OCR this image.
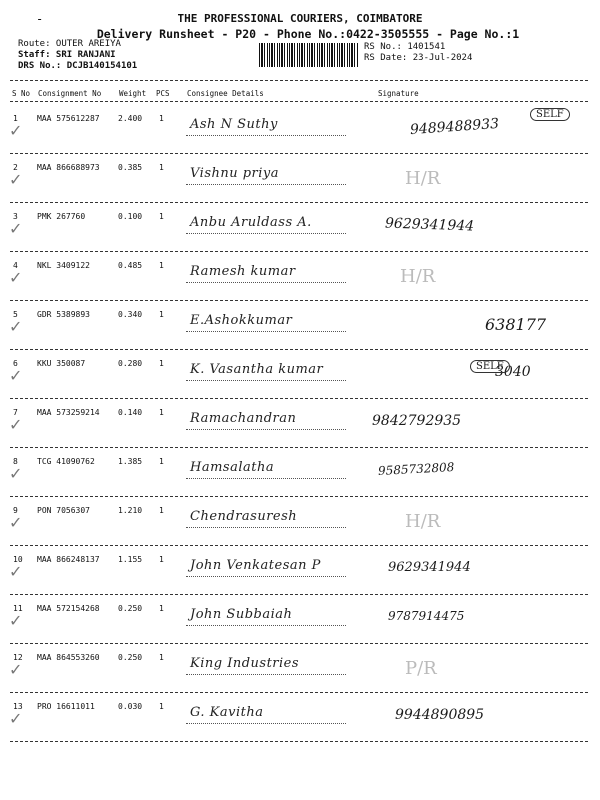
-	THE PROFESSIONAL COURIERS, COIMBATORE
Delivery Runsheet - P20 - Phone No.:0422-3505555 - Page No.:1
Route: OUTER AREIYA
Staff: SRI RANJANI
DRS No.: DCJB140154101
RS No.: 1401541
RS Date: 23-Jul-2024
S No Consignment No Weight PCS Consignee Details	Signature
1 MAA 575612287 2.400 1 Ash N Suthy
✓	9489488933
SELF
2 MAA 866688973 0.385 1 Vishnu priya
✓	H/R
3 PMK 267760	0.100 1 Anbu Aruldass A.
✓	9629341944
4 NKL 3409122	0.485 1 Ramesh kumar
✓	H/R
5 GDR 5389893	0.340 1 E.Ashokkumar
✓	638177
6 KKU 350087	0.280 1 K. Vasantha kumar
✓	3040
SELF
7 MAA 573259214 0.140 1 Ramachandran
✓	9842792935
8 TCG 41090762	1.385 1 Hamsalatha
✓	9585732808
9 PON 7056307	1.210 1 Chendrasuresh
✓	H/R
10 MAA 866248137 1.155 1 John Venkatesan P
✓	9629341944
11 MAA 572154268 0.250 1 John Subbaiah
✓	9787914475
12 MAA 864553260 0.250 1 King Industries
✓	P/R
13 PRO 16611011	0.030 1 G. Kavitha
✓	9944890895
